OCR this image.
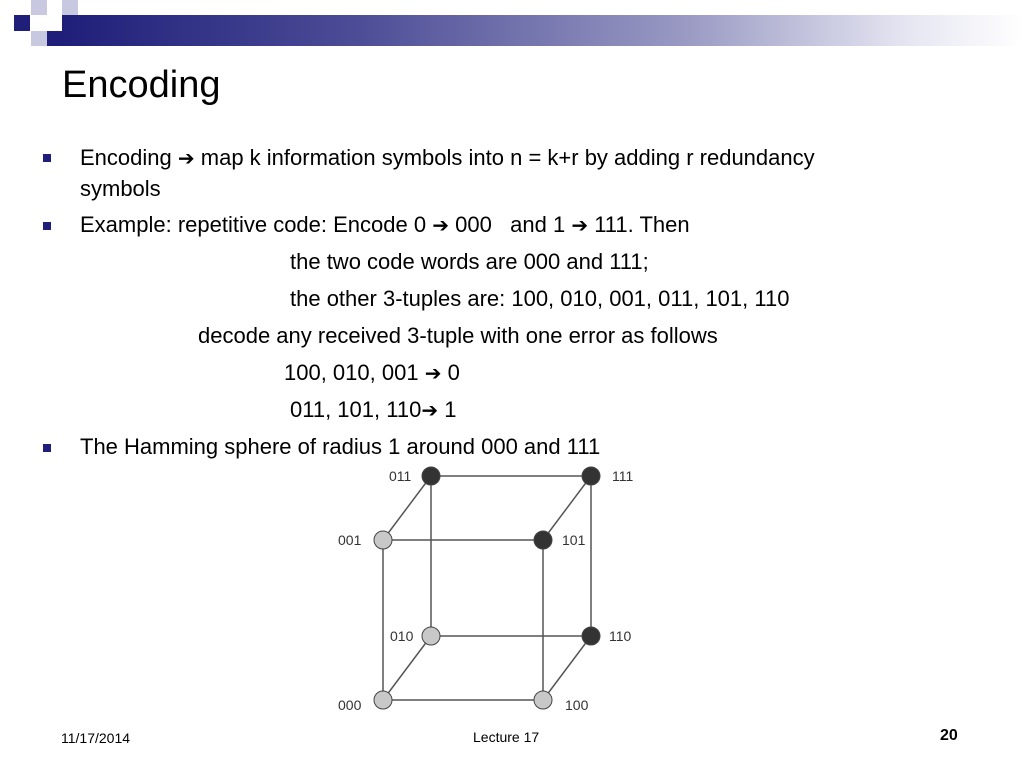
Encoding
Encoding ➔ map k information symbols into n = k+r by adding r redundancy
symbols
Example: repetitive code: Encode 0 ➔ 000   and 1 ➔ 111. Then
the two code words are 000 and 111;
the other 3-tuples are: 100, 010, 001, 011, 101, 110
decode any received 3-tuple with one error as follows
100, 010, 001 ➔ 0
011, 101, 110➔ 1
The Hamming sphere of radius 1 around 000 and 111
011	111
001	101
010	110
000	100
11/17/2014	Lecture 17	20
